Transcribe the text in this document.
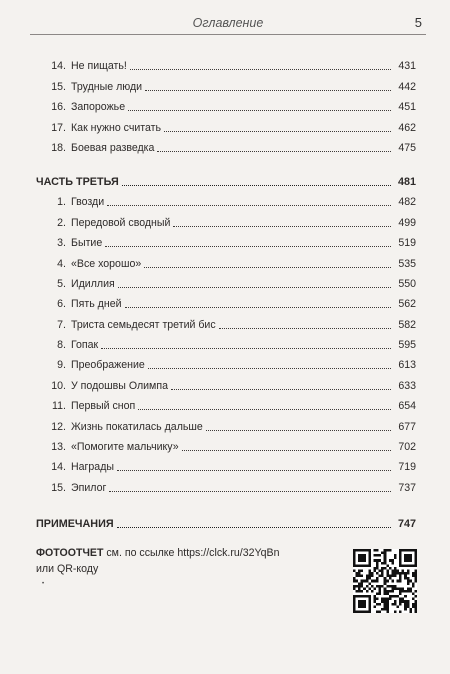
Оглавление	5
14. Не пищать!	431
15. Трудные люди	442
16. Запорожье	451
17. Как нужно считать	462
18. Боевая разведка	475
ЧАСТЬ ТРЕТЬЯ	481
1. Гвозди	482
2. Передовой сводный	499
3. Бытие	519
4. «Все хорошо»	535
5. Идиллия	550
6. Пять дней	562
7. Триста семьдесят третий бис	582
8. Гопак	595
9. Преображение	613
10. У подошвы Олимпа	633
11. Первый сноп	654
12. Жизнь покатилась дальше	677
13. «Помогите мальчику»	702
14. Награды	719
15. Эпилог	737
ПРИМЕЧАНИЯ	747
ФОТООТЧЕТ см. по ссылке https://clck.ru/32YqBn
или QR-коду
•
